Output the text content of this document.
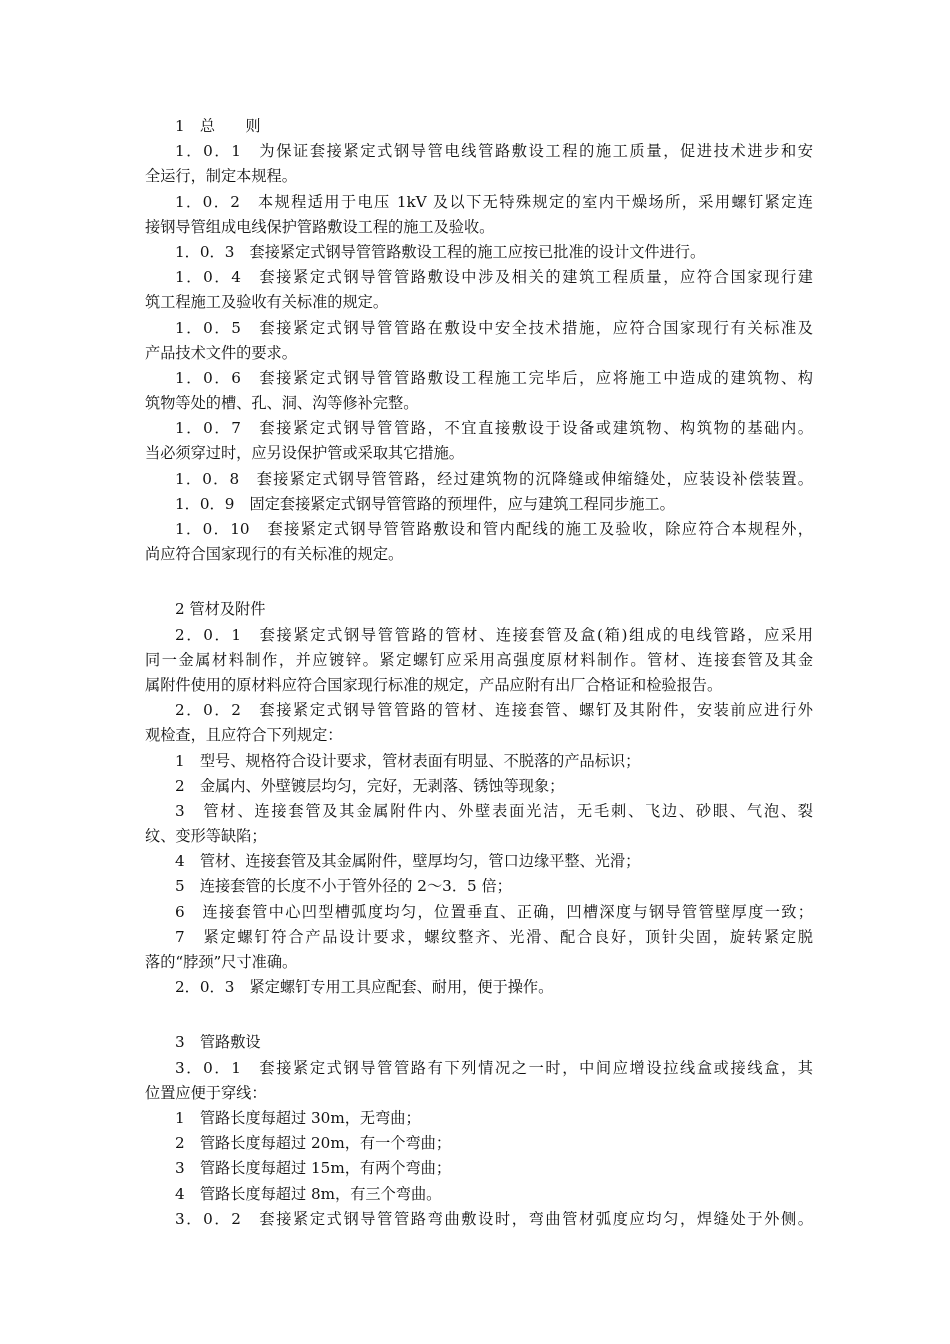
1　总　　则
1．0．1　为保证套接紧定式钢导管电线管路敷设工程的施工质量，促进技术进步和安
全运行，制定本规程。
1．0．2　本规程适用于电压 1kV 及以下无特殊规定的室内干燥场所，采用螺钉紧定连
接钢导管组成电线保护管路敷设工程的施工及验收。
1．0．3　套接紧定式钢导管管路敷设工程的施工应按已批准的设计文件进行。
1．0．4　套接紧定式钢导管管路敷设中涉及相关的建筑工程质量，应符合国家现行建
筑工程施工及验收有关标准的规定。
1．0．5　套接紧定式钢导管管路在敷设中安全技术措施，应符合国家现行有关标准及
产品技术文件的要求。
1．0．6　套接紧定式钢导管管路敷设工程施工完毕后，应将施工中造成的建筑物、构
筑物等处的槽、孔、洞、沟等修补完整。
1．0．7　套接紧定式钢导管管路，不宜直接敷设于设备或建筑物、构筑物的基础内。
当必须穿过时，应另设保护管或采取其它措施。
1．0．8　套接紧定式钢导管管路，经过建筑物的沉降缝或伸缩缝处，应装设补偿装置。
1．0．9　固定套接紧定式钢导管管路的预埋件，应与建筑工程同步施工。
1．0．10　套接紧定式钢导管管路敷设和管内配线的施工及验收，除应符合本规程外，
尚应符合国家现行的有关标准的规定。
2 管材及附件
2．0．1　套接紧定式钢导管管路的管材、连接套管及盒(箱)组成的电线管路，应采用
同一金属材料制作，并应镀锌。紧定螺钉应采用高强度原材料制作。管材、连接套管及其金
属附件使用的原材料应符合国家现行标准的规定，产品应附有出厂合格证和检验报告。
2．0．2　套接紧定式钢导管管路的管材、连接套管、螺钉及其附件，安装前应进行外
观检查，且应符合下列规定：
1　型号、规格符合设计要求，管材表面有明显、不脱落的产品标识；
2　金属内、外壁镀层均匀，完好，无剥落、锈蚀等现象；
3　管材、连接套管及其金属附件内、外壁表面光洁，无毛刺、飞边、砂眼、气泡、裂
纹、变形等缺陷；
4　管材、连接套管及其金属附件，壁厚均匀，管口边缘平整、光滑；
5　连接套管的长度不小于管外径的 2～3．5 倍；
6　连接套管中心凹型槽弧度均匀，位置垂直、正确，凹槽深度与钢导管管壁厚度一致；
7　紧定螺钉符合产品设计要求，螺纹整齐、光滑、配合良好，顶针尖固，旋转紧定脱
落的“脖颈”尺寸准确。
2．0．3　紧定螺钉专用工具应配套、耐用，便于操作。
3　管路敷设
3．0．1　套接紧定式钢导管管路有下列情况之一时，中间应增设拉线盒或接线盒，其
位置应便于穿线：
1　管路长度每超过 30m，无弯曲；
2　管路长度每超过 20m，有一个弯曲；
3　管路长度每超过 15m，有两个弯曲；
4　管路长度每超过 8m，有三个弯曲。
3．0．2　套接紧定式钢导管管路弯曲敷设时，弯曲管材弧度应均匀，焊缝处于外侧。
